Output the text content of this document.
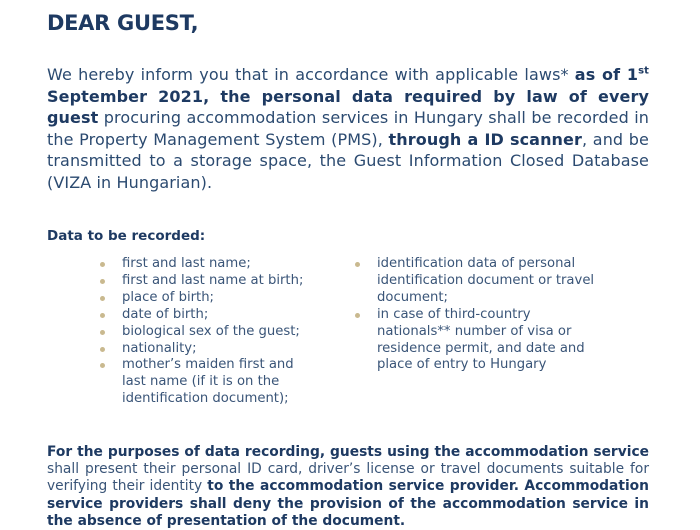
DEAR GUEST,

We hereby inform you that in accordance with applicable laws* as of 1st September 2021, the personal data required by law of every guest procuring accommodation services in Hungary shall be recorded in the Property Management System (PMS), through a ID scanner, and be transmitted to a storage space, the Guest Information Closed Database (VIZA in Hungarian).

Data to be recorded:
first and last name;
first and last name at birth;
place of birth;
date of birth;
biological sex of the guest;
nationality;
mother’s maiden first and last name (if it is on the identification document);
identification data of personal identification document or travel document;
in case of third-country nationals** number of visa or residence permit, and date and place of entry to Hungary

For the purposes of data recording, guests using the accommodation service shall present their personal ID card, driver’s license or travel documents suitable for verifying their identity to the accommodation service provider. Accommodation service providers shall deny the provision of the accommodation service in the absence of presentation of the document.
